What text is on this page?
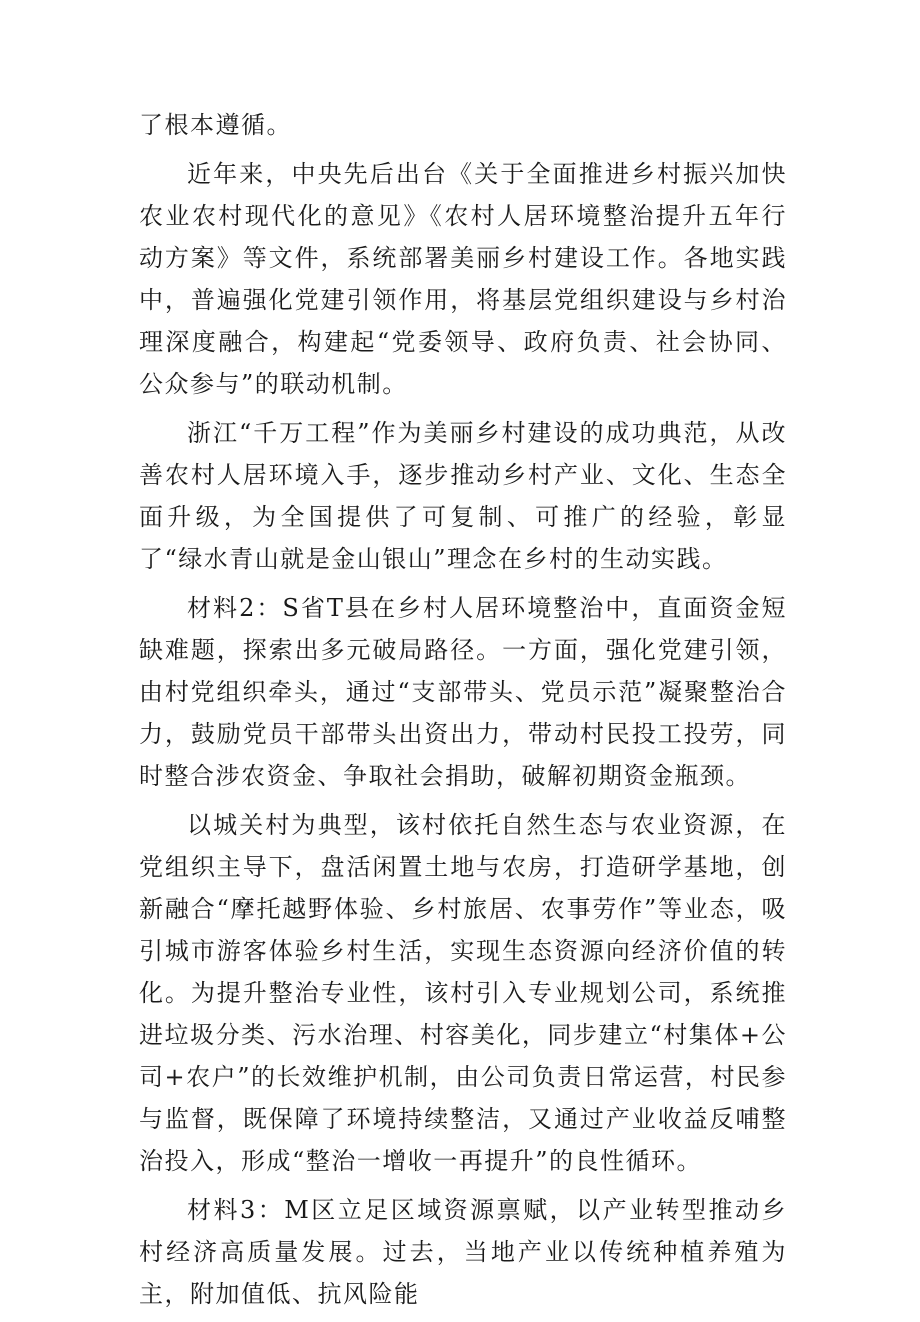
了根本遵循。

近年来，中央先后出台《关于全面推进乡村振兴加快农业农村现代化的意见》《农村人居环境整治提升五年行动方案》等文件，系统部署美丽乡村建设工作。各地实践中，普遍强化党建引领作用，将基层党组织建设与乡村治理深度融合，构建起“党委领导、政府负责、社会协同、公众参与”的联动机制。

浙江“千万工程”作为美丽乡村建设的成功典范，从改善农村人居环境入手，逐步推动乡村产业、文化、生态全面升级，为全国提供了可复制、可推广的经验，彰显了“绿水青山就是金山银山”理念在乡村的生动实践。

材料2：S省T县在乡村人居环境整治中，直面资金短缺难题，探索出多元破局路径。一方面，强化党建引领，由村党组织牵头，通过“支部带头、党员示范”凝聚整治合力，鼓励党员干部带头出资出力，带动村民投工投劳，同时整合涉农资金、争取社会捐助，破解初期资金瓶颈。

以城关村为典型，该村依托自然生态与农业资源，在党组织主导下，盘活闲置土地与农房，打造研学基地，创新融合“摩托越野体验、乡村旅居、农事劳作”等业态，吸引城市游客体验乡村生活，实现生态资源向经济价值的转化。为提升整治专业性，该村引入专业规划公司，系统推进垃圾分类、污水治理、村容美化，同步建立“村集体+公司+农户”的长效维护机制，由公司负责日常运营，村民参与监督，既保障了环境持续整洁，又通过产业收益反哺整治投入，形成“整治一增收一再提升”的良性循环。

材料3：M区立足区域资源禀赋，以产业转型推动乡村经济高质量发展。过去，当地产业以传统种植养殖为主，附加值低、抗风险能
